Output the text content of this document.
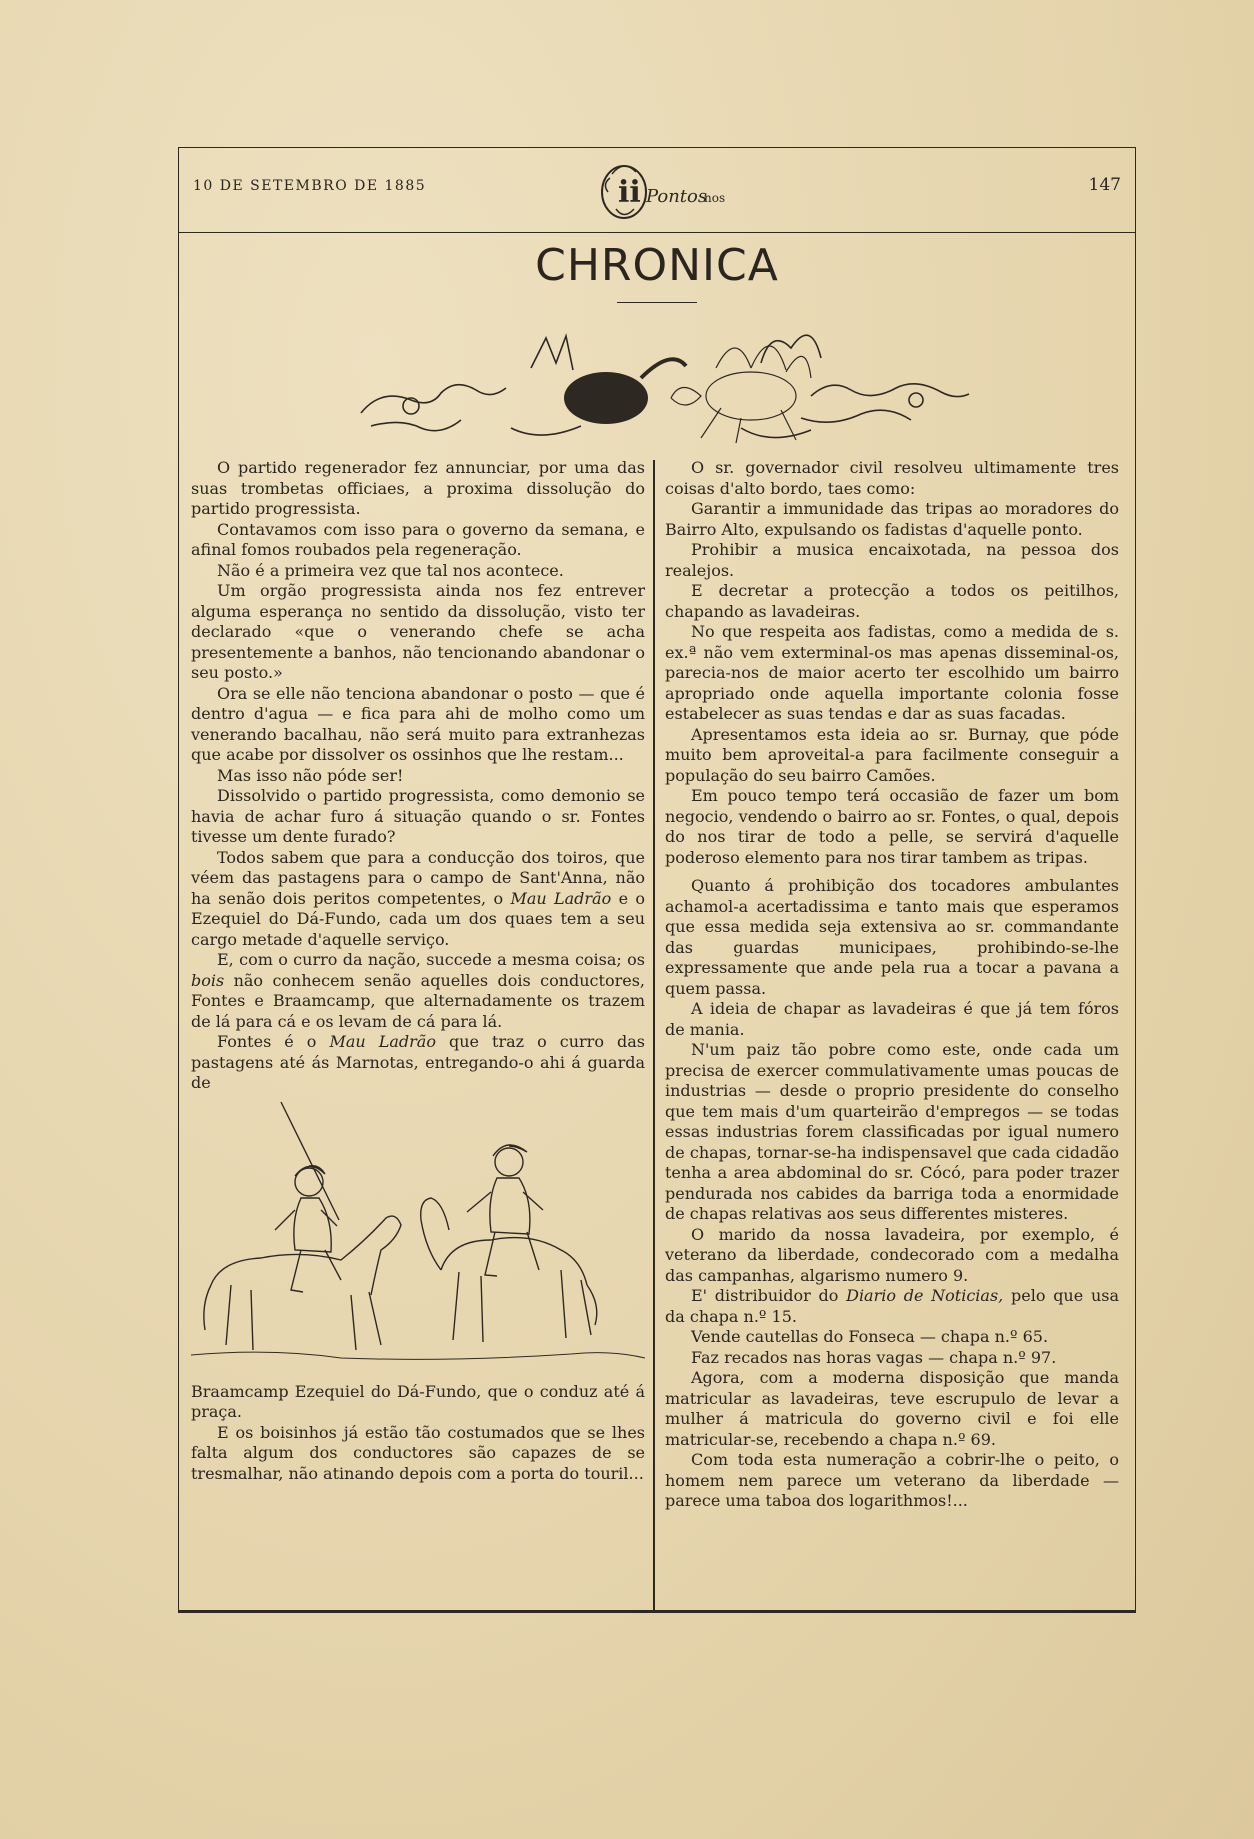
10 DE SETEMBRO DE 1885	ii Pontos
nos
147
CHRONICA

O partido regenerador fez annunciar, por uma das suas trombetas officiaes, a proxima dissolução do partido progressista.

Contavamos com isso para o governo da semana, e afinal fomos roubados pela regeneração.

Não é a primeira vez que tal nos acontece.

Um orgão progressista ainda nos fez entrever alguma esperança no sentido da dissolução, visto ter declarado «que o venerando chefe se acha presentemente a banhos, não tencionando abandonar o seu posto.»

Ora se elle não tenciona abandonar o posto — que é dentro d'agua — e fica para ahi de molho como um venerando bacalhau, não será muito para extranhezas que acabe por dissolver os ossinhos que lhe restam...

Mas isso não póde ser!

Dissolvido o partido progressista, como demonio se havia de achar furo á situação quando o sr. Fontes tivesse um dente furado?

Todos sabem que para a conducção dos toiros, que véem das pastagens para o campo de Sant'Anna, não ha senão dois peritos competentes, o Mau Ladrão e o Ezequiel do Dá-Fundo, cada um dos quaes tem a seu cargo metade d'aquelle serviço.

E, com o curro da nação, succede a mesma coisa; os bois não conhecem senão aquelles dois conductores, Fontes e Braamcamp, que alternadamente os trazem de lá para cá e os levam de cá para lá.

Fontes é o Mau Ladrão que traz o curro das pastagens até ás Marnotas, entregando-o ahi á guarda de

Braamcamp Ezequiel do Dá-Fundo, que o conduz até á praça.

E os boisinhos já estão tão costumados que se lhes falta algum dos conductores são capazes de se tresmalhar, não atinando depois com a porta do touril...

O sr. governador civil resolveu ultimamente tres coisas d'alto bordo, taes como:

Garantir a immunidade das tripas ao moradores do Bairro Alto, expulsando os fadistas d'aquelle ponto.

Prohibir a musica encaixotada, na pessoa dos realejos.

E decretar a protecção a todos os peitilhos, chapando as lavadeiras.

No que respeita aos fadistas, como a medida de s. ex.ª não vem exterminal-os mas apenas disseminal-os, parecia-nos de maior acerto ter escolhido um bairro apropriado onde aquella importante colonia fosse estabelecer as suas tendas e dar as suas facadas.

Apresentamos esta ideia ao sr. Burnay, que póde muito bem aproveital-a para facilmente conseguir a população do seu bairro Camões.

Em pouco tempo terá occasião de fazer um bom negocio, vendendo o bairro ao sr. Fontes, o qual, depois do nos tirar de todo a pelle, se servirá d'aquelle poderoso elemento para nos tirar tambem as tripas.

Quanto á prohibição dos tocadores ambulantes achamol-a acertadissima e tanto mais que esperamos que essa medida seja extensiva ao sr. commandante das guardas municipaes, prohibindo-se-lhe expressamente que ande pela rua a tocar a pavana a quem passa.

A ideia de chapar as lavadeiras é que já tem fóros de mania.

N'um paiz tão pobre como este, onde cada um precisa de exercer commulativamente umas poucas de industrias — desde o proprio presidente do conselho que tem mais d'um quarteirão d'empregos — se todas essas industrias forem classificadas por igual numero de chapas, tornar-se-ha indispensavel que cada cidadão tenha a area abdominal do sr. Cócó, para poder trazer pendurada nos cabides da barriga toda a enormidade de chapas relativas aos seus differentes misteres.

O marido da nossa lavadeira, por exemplo, é veterano da liberdade, condecorado com a medalha das campanhas, algarismo numero 9.

E' distribuidor do Diario de Noticias, pelo que usa da chapa n.º 15.

Vende cautellas do Fonseca — chapa n.º 65.

Faz recados nas horas vagas — chapa n.º 97.

Agora, com a moderna disposição que manda matricular as lavadeiras, teve escrupulo de levar a mulher á matricula do governo civil e foi elle matricular-se, recebendo a chapa n.º 69.

Com toda esta numeração a cobrir-lhe o peito, o homem nem parece um veterano da liberdade — parece uma taboa dos logarithmos!...
